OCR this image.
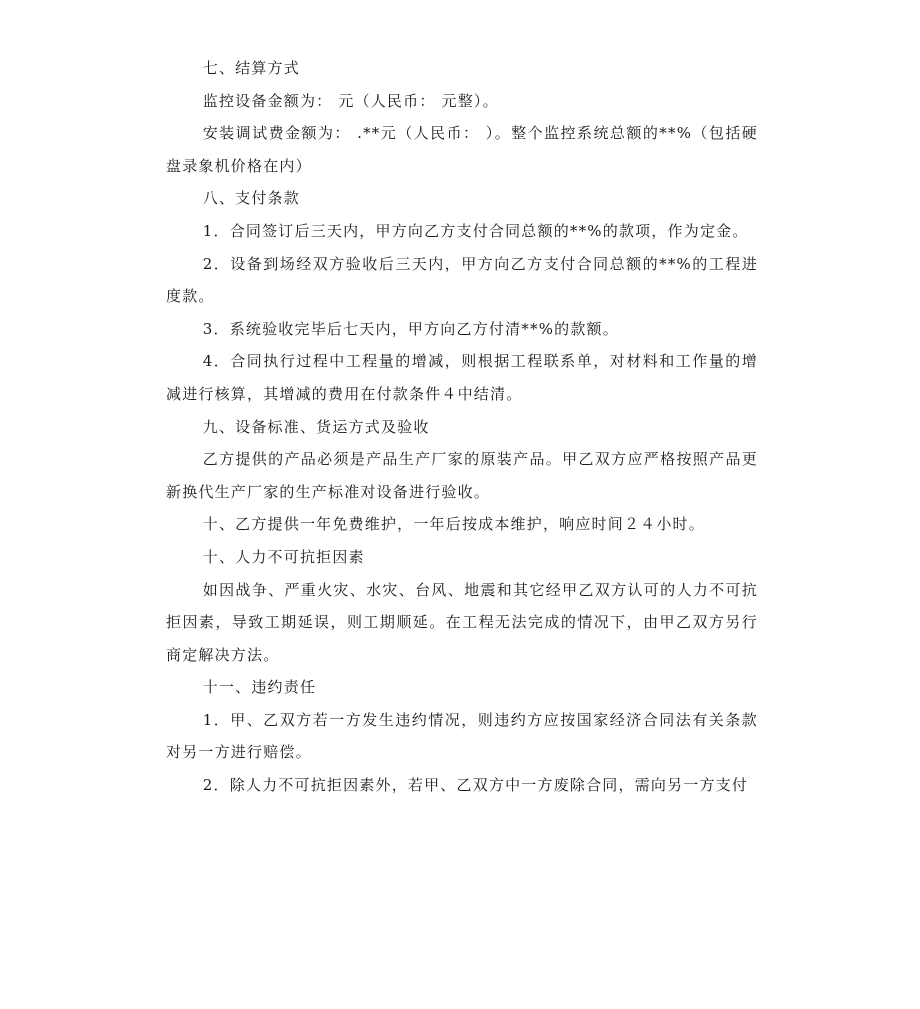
七、结算方式

监控设备金额为： 元（人民币： 元整）。

安装调试费金额为： .**元（人民币： ）。整个监控系统总额的**%（包括硬盘录象机价格在内）

八、支付条款

1．合同签订后三天内，甲方向乙方支付合同总额的**%的款项，作为定金。

2．设备到场经双方验收后三天内，甲方向乙方支付合同总额的**%的工程进度款。

3．系统验收完毕后七天内，甲方向乙方付清**%的款额。

4．合同执行过程中工程量的增减，则根据工程联系单，对材料和工作量的增减进行核算，其增减的费用在付款条件４中结清。

九、设备标准、货运方式及验收

乙方提供的产品必须是产品生产厂家的原装产品。甲乙双方应严格按照产品更新换代生产厂家的生产标准对设备进行验收。

十、乙方提供一年免费维护，一年后按成本维护，响应时间２４小时。

十、人力不可抗拒因素

如因战争、严重火灾、水灾、台风、地震和其它经甲乙双方认可的人力不可抗拒因素，导致工期延误，则工期顺延。在工程无法完成的情况下，由甲乙双方另行商定解决方法。

十一、违约责任

1．甲、乙双方若一方发生违约情况，则违约方应按国家经济合同法有关条款对另一方进行赔偿。

2．除人力不可抗拒因素外，若甲、乙双方中一方废除合同，需向另一方支付
